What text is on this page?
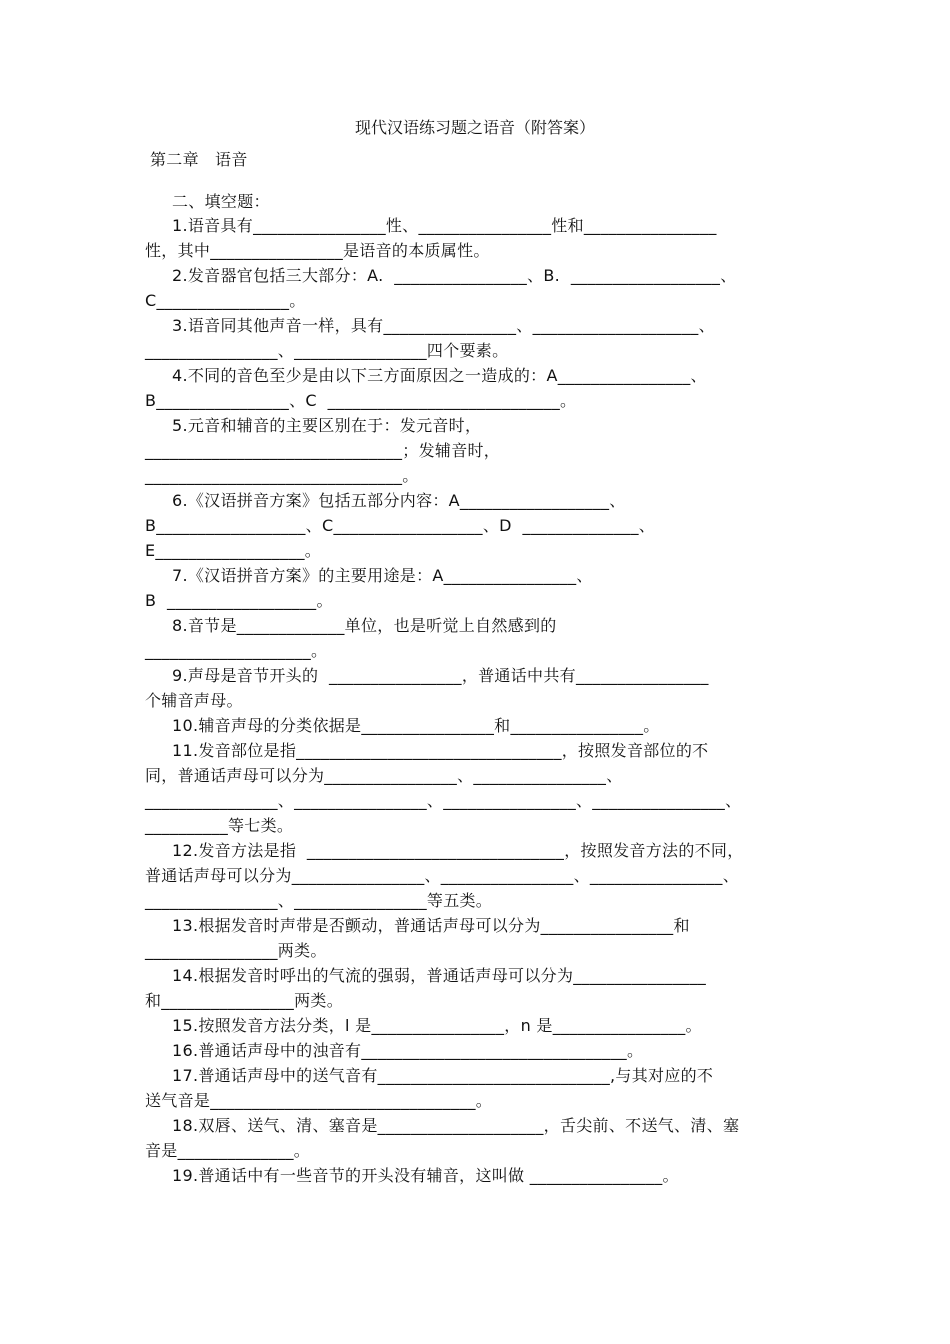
现代汉语练习题之语音（附答案）
第二章   语音
二、填空题：
1.语音具有________________性、________________性和________________
性，其中________________是语音的本质属性。
2.发音器官包括三大部分：A.  ________________、B.  __________________、
C________________。
3.语音同其他声音一样，具有________________、____________________、
________________、________________四个要素。
4.不同的音色至少是由以下三方面原因之一造成的：A________________、
B________________、C  ____________________________。
5.元音和辅音的主要区别在于：发元音时，
_______________________________；发辅音时，
_______________________________。
6.《汉语拼音方案》包括五部分内容：A__________________、
B__________________、C__________________、D  ______________、
E__________________。
7.《汉语拼音方案》的主要用途是：A________________、
B  __________________。
8.音节是_____________单位，也是听觉上自然感到的
____________________。
9.声母是音节开头的  ________________，普通话中共有________________
个辅音声母。
10.辅音声母的分类依据是________________和________________。
11.发音部位是指________________________________，按照发音部位的不
同，普通话声母可以分为________________、________________、
________________、________________、________________、________________、
__________等七类。
12.发音方法是指  _______________________________，按照发音方法的不同，
普通话声母可以分为________________、________________、________________、
________________、________________等五类。
13.根据发音时声带是否颤动，普通话声母可以分为________________和
________________两类。
14.根据发音时呼出的气流的强弱，普通话声母可以分为________________
和________________两类。
15.按照发音方法分类，l 是________________，n 是________________。
16.普通话声母中的浊音有________________________________。
17.普通话声母中的送气音有____________________________,与其对应的不
送气音是________________________________。
18.双唇、送气、清、塞音是____________________，舌尖前、不送气、清、塞
音是______________。
19.普通话中有一些音节的开头没有辅音，这叫做 ________________。
